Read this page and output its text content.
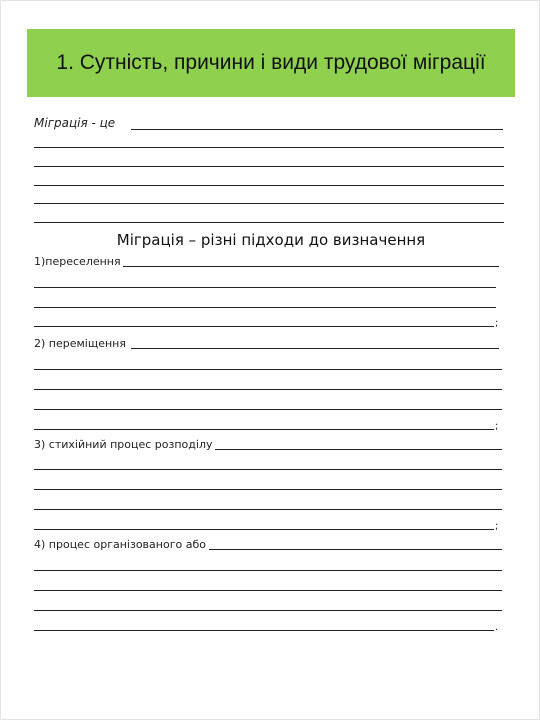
1. Сутність, причини і види трудової міграції
Міграція - це
Міграція – різні підходи до визначення
1)переселення
;
2) переміщення
;
3) стихійний процес розподілу
;
4) процес організованого або
.
